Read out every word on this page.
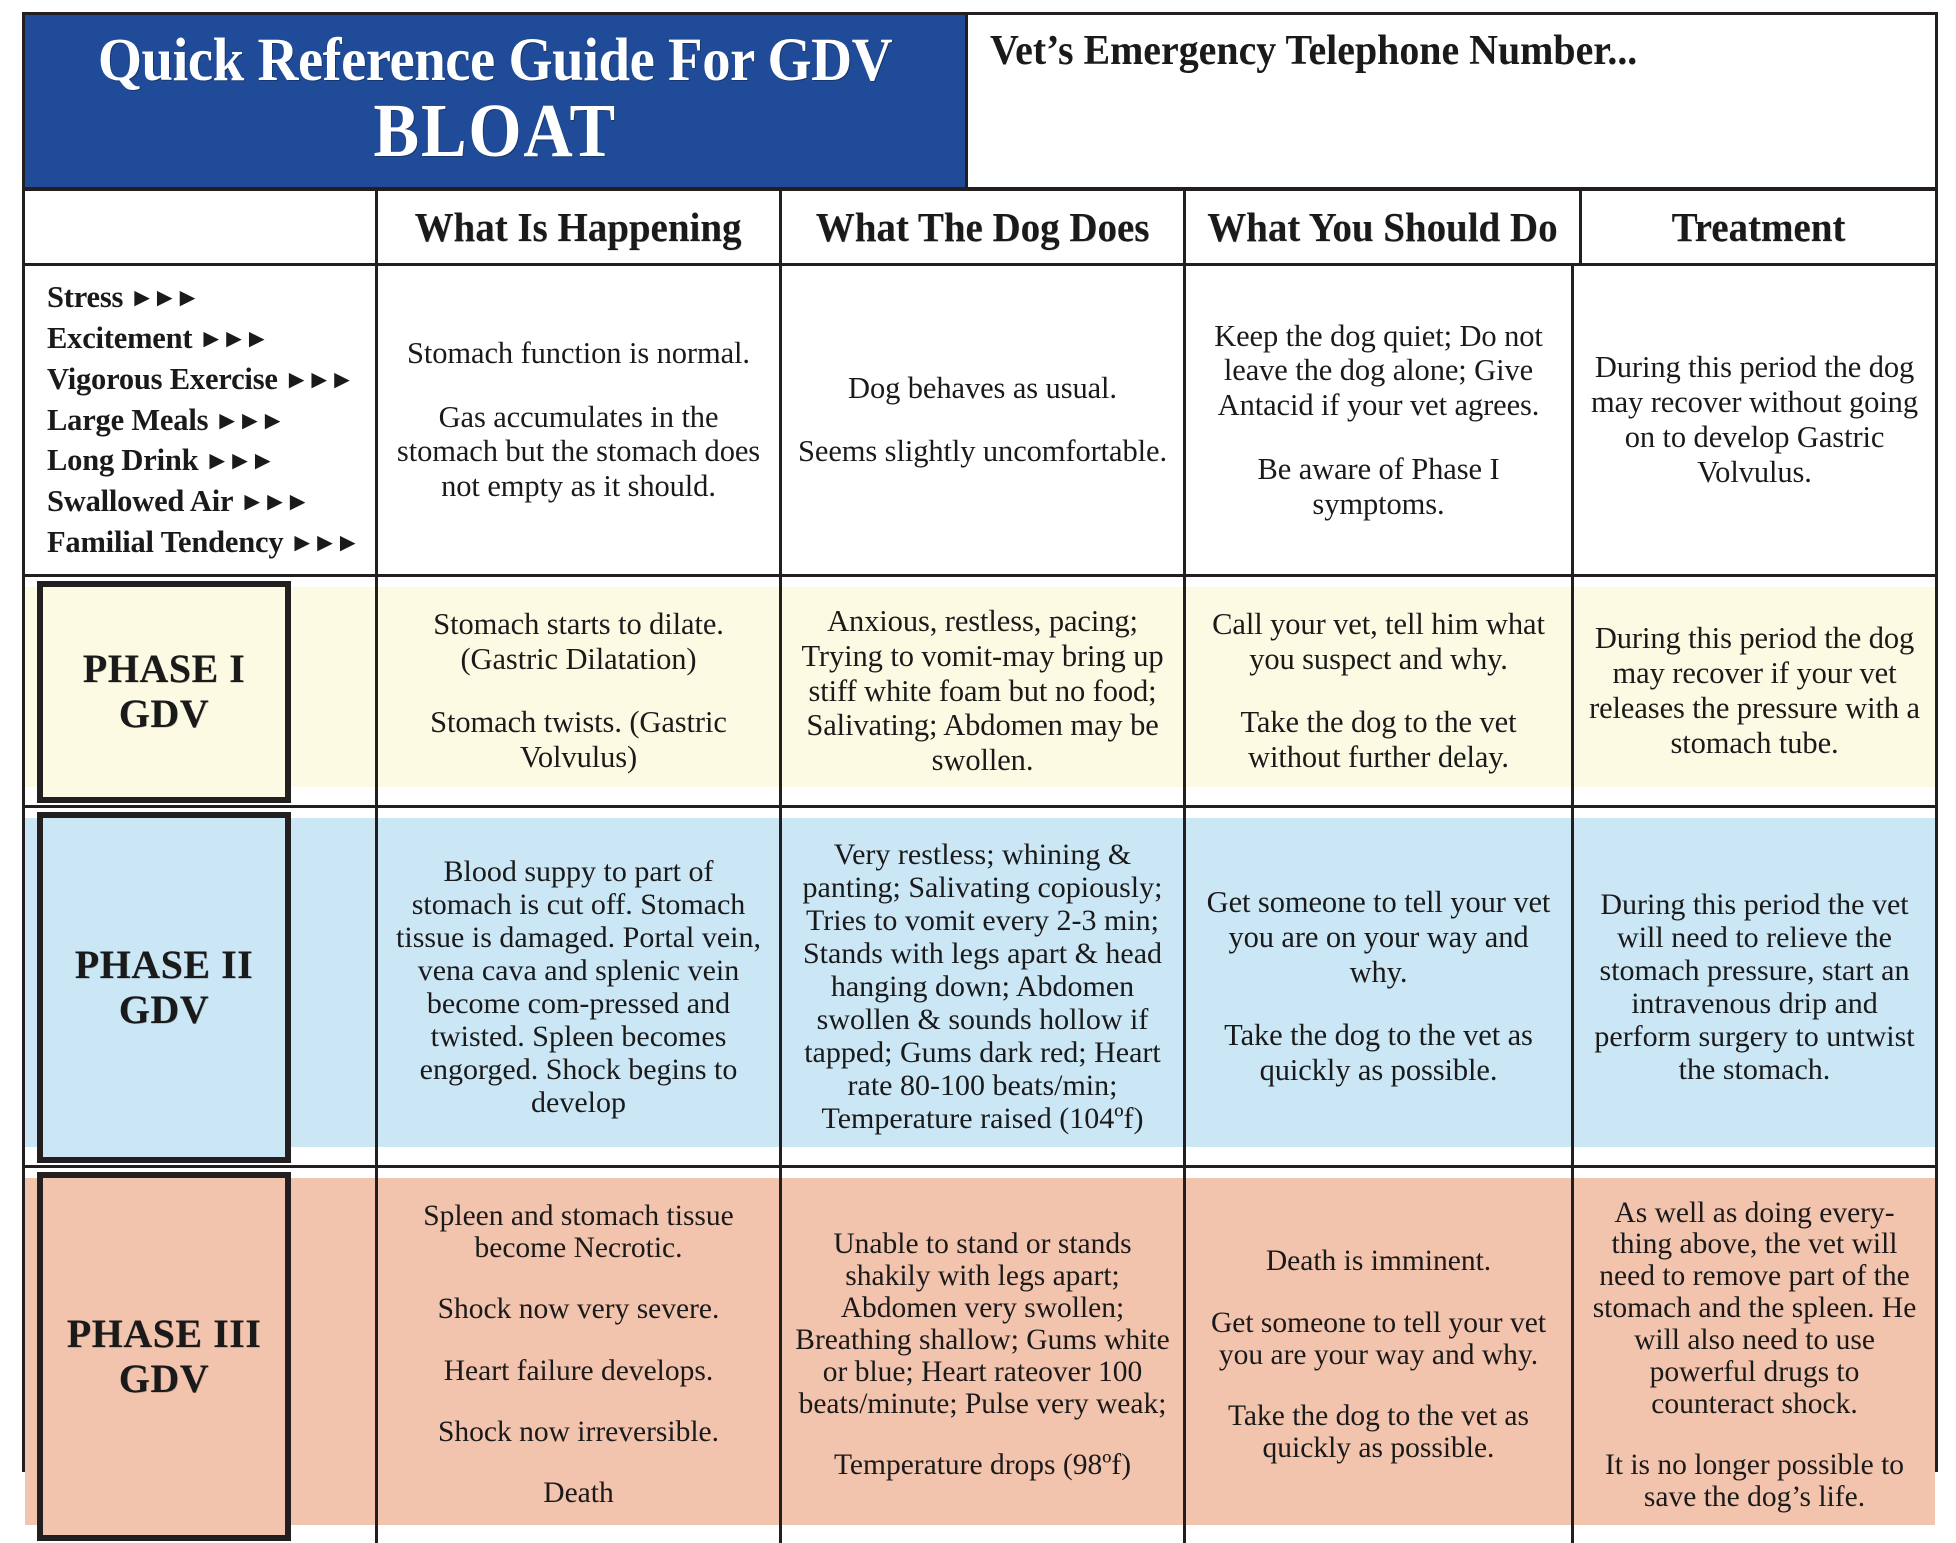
Quick Reference Guide For GDV
BLOAT
Vet’s Emergency Telephone Number...
What Is Happening What The Dog Does What You Should Do	Treatment
Stress ►►►
Excitement ►►►
Vigorous Exercise ►►►
Large Meals ►►►
Long Drink ►►►
Swallowed Air ►►►
Familial Tendency ►►►

Stomach function is normal.

Gas accumulates in the stomach but the stomach does not empty as it should.

Dog behaves as usual.

Seems slightly uncomfortable.

Keep the dog quiet; Do not leave the dog alone; Give Antacid if your vet agrees.

Be aware of Phase I symptoms.

During this period the dog may recover without going on to develop Gastric Volvulus.

PHASE I
GDV

Stomach starts to dilate. (Gastric Dilatation)

Stomach twists. (Gastric Volvulus)

Anxious, restless, pacing; Trying to vomit-may bring up stiff white foam but no food; Salivating; Abdomen may be swollen.

Call your vet, tell him what you suspect and why.

Take the dog to the vet without further delay.

During this period the dog may recover if your vet releases the pressure with a stomach tube.

PHASE II
GDV

Blood suppy to part of stomach is cut off. Stomach tissue is damaged. Portal vein, vena cava and splenic vein become com-pressed and twisted. Spleen becomes engorged. Shock begins to develop

Very restless; whining & panting; Salivating copiously; Tries to vomit every 2-3 min; Stands with legs apart & head hanging down; Abdomen swollen & sounds hollow if tapped; Gums dark red; Heart rate 80-100 beats/min; Temperature raised (104ºf)

Get someone to tell your vet you are on your way and why.

Take the dog to the vet as quickly as possible.

During this period the vet will need to relieve the stomach pressure, start an intravenous drip and perform surgery to untwist the stomach.

PHASE III
GDV

Spleen and stomach tissue become Necrotic.

Shock now very severe.

Heart failure develops.

Shock now irreversible.

Death

Unable to stand or stands shakily with legs apart; Abdomen very swollen; Breathing shallow; Gums white or blue; Heart rateover 100 beats/minute; Pulse very weak;

Temperature drops (98ºf)

Death is imminent.

Get someone to tell your vet you are your way and why.

Take the dog to the vet as quickly as possible.

As well as doing every-thing above, the vet will need to remove part of the stomach and the spleen. He will also need to use powerful drugs to counteract shock.

It is no longer possible to save the dog’s life.
